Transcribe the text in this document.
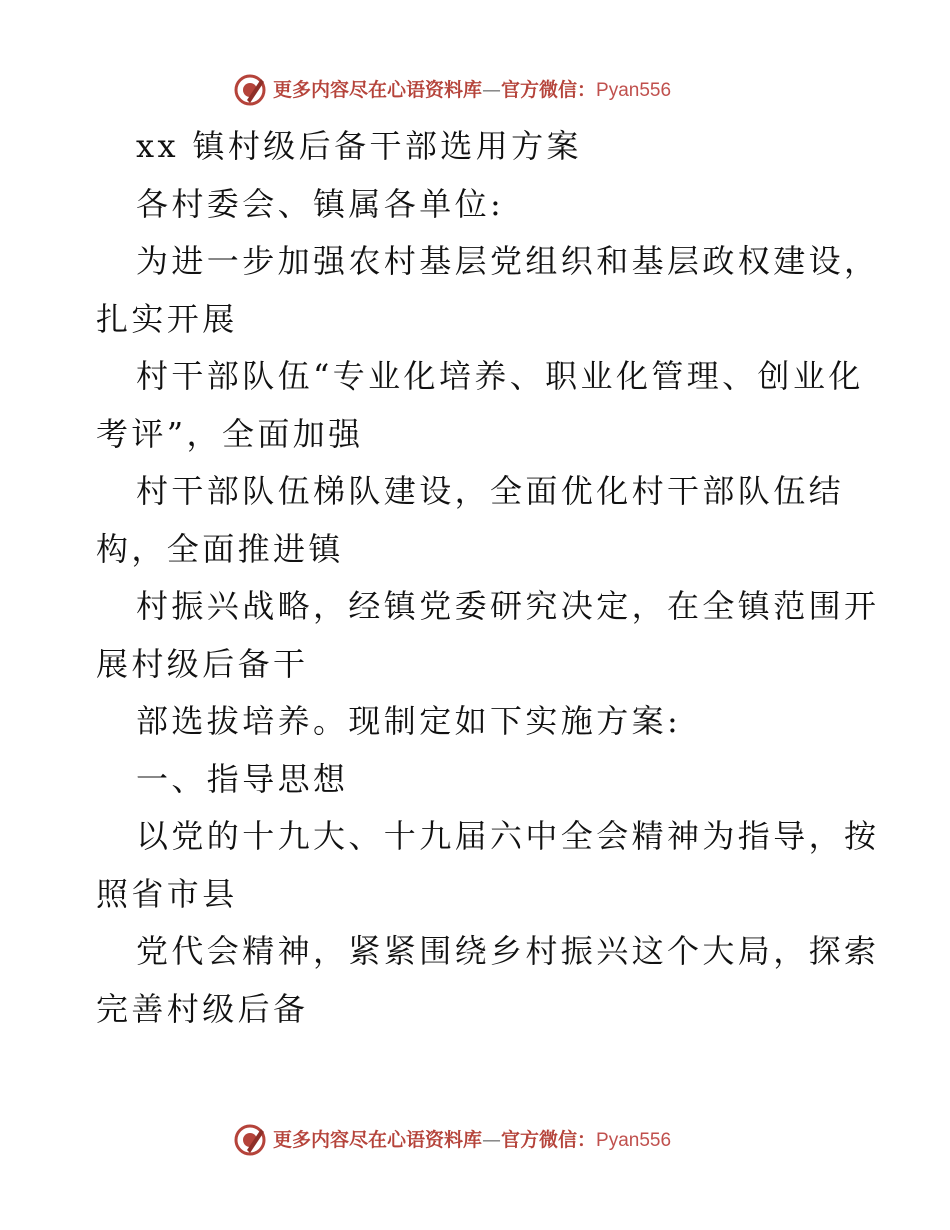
更多内容尽在心语资料库—官方微信：Pyan556

xx 镇村级后备干部选用方案

各村委会、镇属各单位:

为进一步加强农村基层党组织和基层政权建设，

扎实开展

村干部队伍“专业化培养、职业化管理、创业化

考评”，全面加强

村干部队伍梯队建设，全面优化村干部队伍结

构，全面推进镇

村振兴战略，经镇党委研究决定，在全镇范围开

展村级后备干

部选拔培养。现制定如下实施方案:

一、指导思想

以党的十九大、十九届六中全会精神为指导，按

照省市县

党代会精神，紧紧围绕乡村振兴这个大局，探索

完善村级后备

更多内容尽在心语资料库—官方微信：Pyan556
